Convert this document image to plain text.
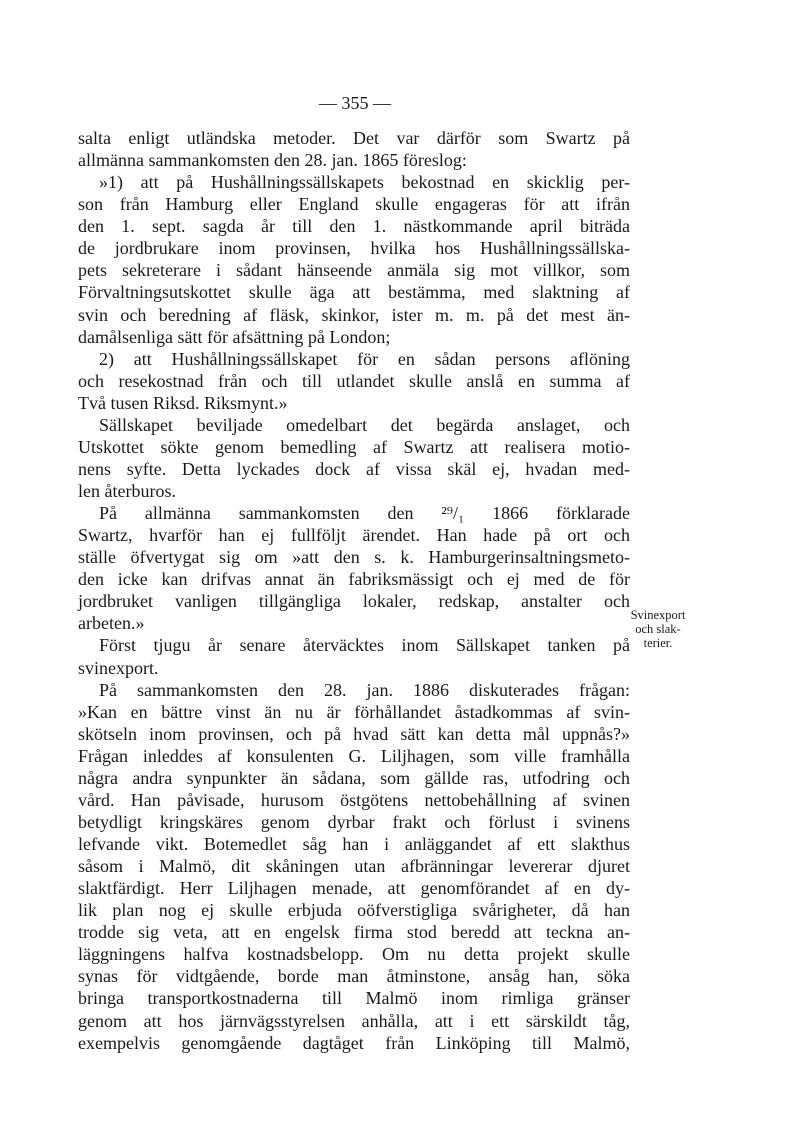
— 355 —
salta enligt utländska metoder. Det var därför som Swartz på
allmänna sammankomsten den 28. jan. 1865 föreslog:
»1) att på Hushållningssällskapets bekostnad en skicklig per-
son från Hamburg eller England skulle engageras för att ifrån
den 1. sept. sagda år till den 1. nästkommande april biträda
de jordbrukare inom provinsen, hvilka hos Hushållningssällska-
pets sekreterare i sådant hänseende anmäla sig mot villkor, som
Förvaltningsutskottet skulle äga att bestämma, med slaktning af
svin och beredning af fläsk, skinkor, ister m. m. på det mest än-
damålsenliga sätt för afsättning på London;
2) att Hushållningssällskapet för en sådan persons aflöning
och resekostnad från och till utlandet skulle anslå en summa af
Två tusen Riksd. Riksmynt.»
Sällskapet beviljade omedelbart det begärda anslaget, och
Utskottet sökte genom bemedling af Swartz att realisera motio-
nens syfte. Detta lyckades dock af vissa skäl ej, hvadan med-
len återburos.
På allmänna sammankomsten den ²⁹/₁ 1866 förklarade
Swartz, hvarför han ej fullföljt ärendet. Han hade på ort och
ställe öfvertygat sig om »att den s. k. Hamburgerinsaltningsmeto-
den icke kan drifvas annat än fabriksmässigt och ej med de för
jordbruket vanligen tillgängliga lokaler, redskap, anstalter och
arbeten.»
Först tjugu år senare återväcktes inom Sällskapet tanken på
svinexport.
På sammankomsten den 28. jan. 1886 diskuterades frågan:
»Kan en bättre vinst än nu är förhållandet åstadkommas af svin-
skötseln inom provinsen, och på hvad sätt kan detta mål uppnås?»
Frågan inleddes af konsulenten G. Liljhagen, som ville framhålla
några andra synpunkter än sådana, som gällde ras, utfodring och
vård. Han påvisade, hurusom östgötens nettobehållning af svinen
betydligt kringskäres genom dyrbar frakt och förlust i svinens
lefvande vikt. Botemedlet såg han i anläggandet af ett slakthus
såsom i Malmö, dit skåningen utan afbränningar levererar djuret
slaktfärdigt. Herr Liljhagen menade, att genomförandet af en dy-
lik plan nog ej skulle erbjuda oöfverstigliga svårigheter, då han
trodde sig veta, att en engelsk firma stod beredd att teckna an-
läggningens halfva kostnadsbelopp. Om nu detta projekt skulle
synas för vidtgående, borde man åtminstone, ansåg han, söka
bringa transportkostnaderna till Malmö inom rimliga gränser
genom att hos järnvägsstyrelsen anhålla, att i ett särskildt tåg,
exempelvis genomgående dagtåget från Linköping till Malmö,
Svinexport
och slak-
terier.
